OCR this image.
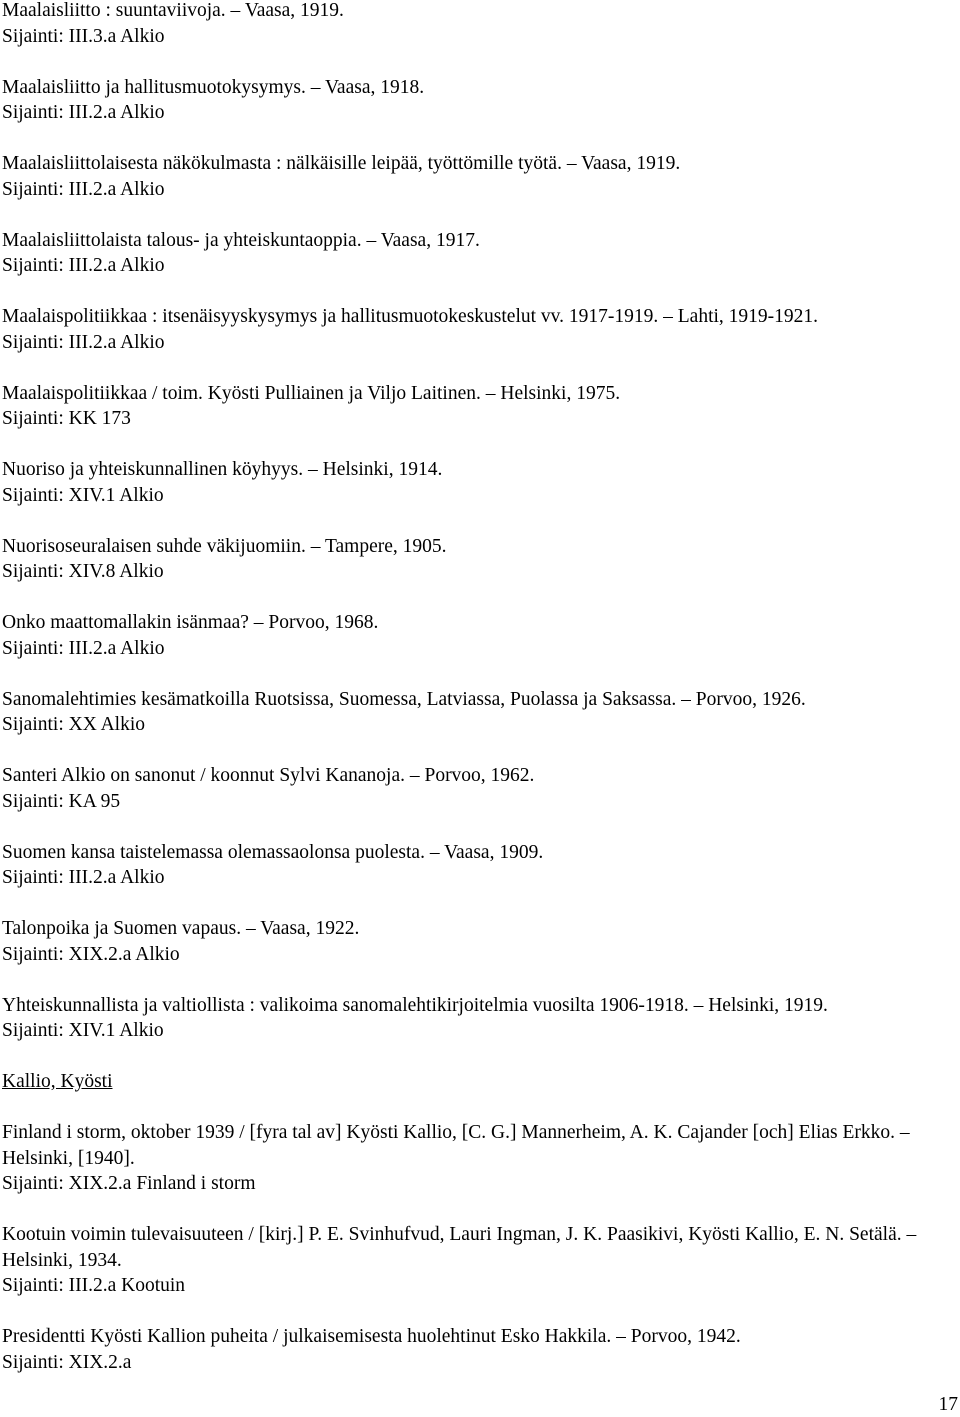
Maalaisliitto : suuntaviivoja. – Vaasa, 1919.
Sijainti: III.3.a Alkio
Maalaisliitto ja hallitusmuotokysymys. – Vaasa, 1918.
Sijainti: III.2.a Alkio
Maalaisliittolaisesta näkökulmasta : nälkäisille leipää, työttömille työtä. – Vaasa, 1919.
Sijainti: III.2.a Alkio
Maalaisliittolaista talous- ja yhteiskuntaoppia. – Vaasa, 1917.
Sijainti: III.2.a Alkio
Maalaispolitiikkaa : itsenäisyyskysymys ja hallitusmuotokeskustelut vv. 1917-1919. – Lahti, 1919-1921.
Sijainti: III.2.a Alkio
Maalaispolitiikkaa / toim. Kyösti Pulliainen ja Viljo Laitinen. – Helsinki, 1975.
Sijainti: KK 173
Nuoriso ja yhteiskunnallinen köyhyys. – Helsinki, 1914.
Sijainti: XIV.1 Alkio
Nuorisoseuralaisen suhde väkijuomiin. – Tampere, 1905.
Sijainti: XIV.8 Alkio
Onko maattomallakin isänmaa? – Porvoo, 1968.
Sijainti: III.2.a Alkio
Sanomalehtimies kesämatkoilla Ruotsissa, Suomessa, Latviassa, Puolassa ja Saksassa. – Porvoo, 1926.
Sijainti: XX Alkio
Santeri Alkio on sanonut / koonnut Sylvi Kananoja. – Porvoo, 1962.
Sijainti: KA 95
Suomen kansa taistelemassa olemassaolonsa puolesta. – Vaasa, 1909.
Sijainti: III.2.a Alkio
Talonpoika ja Suomen vapaus. – Vaasa, 1922.
Sijainti: XIX.2.a Alkio
Yhteiskunnallista ja valtiollista : valikoima sanomalehtikirjoitelmia vuosilta 1906-1918. – Helsinki, 1919.
Sijainti: XIV.1 Alkio
Kallio, Kyösti
Finland i storm, oktober 1939 / [fyra tal av] Kyösti Kallio, [C. G.] Mannerheim, A. K. Cajander [och] Elias Erkko. – Helsinki, [1940].
Sijainti: XIX.2.a Finland i storm
Kootuin voimin tulevaisuuteen / [kirj.] P. E. Svinhufvud, Lauri Ingman, J. K. Paasikivi, Kyösti Kallio, E. N. Setälä. – Helsinki, 1934.
Sijainti: III.2.a Kootuin
Presidentti Kyösti Kallion puheita / julkaisemisesta huolehtinut Esko Hakkila. – Porvoo, 1942.
Sijainti: XIX.2.a
17
